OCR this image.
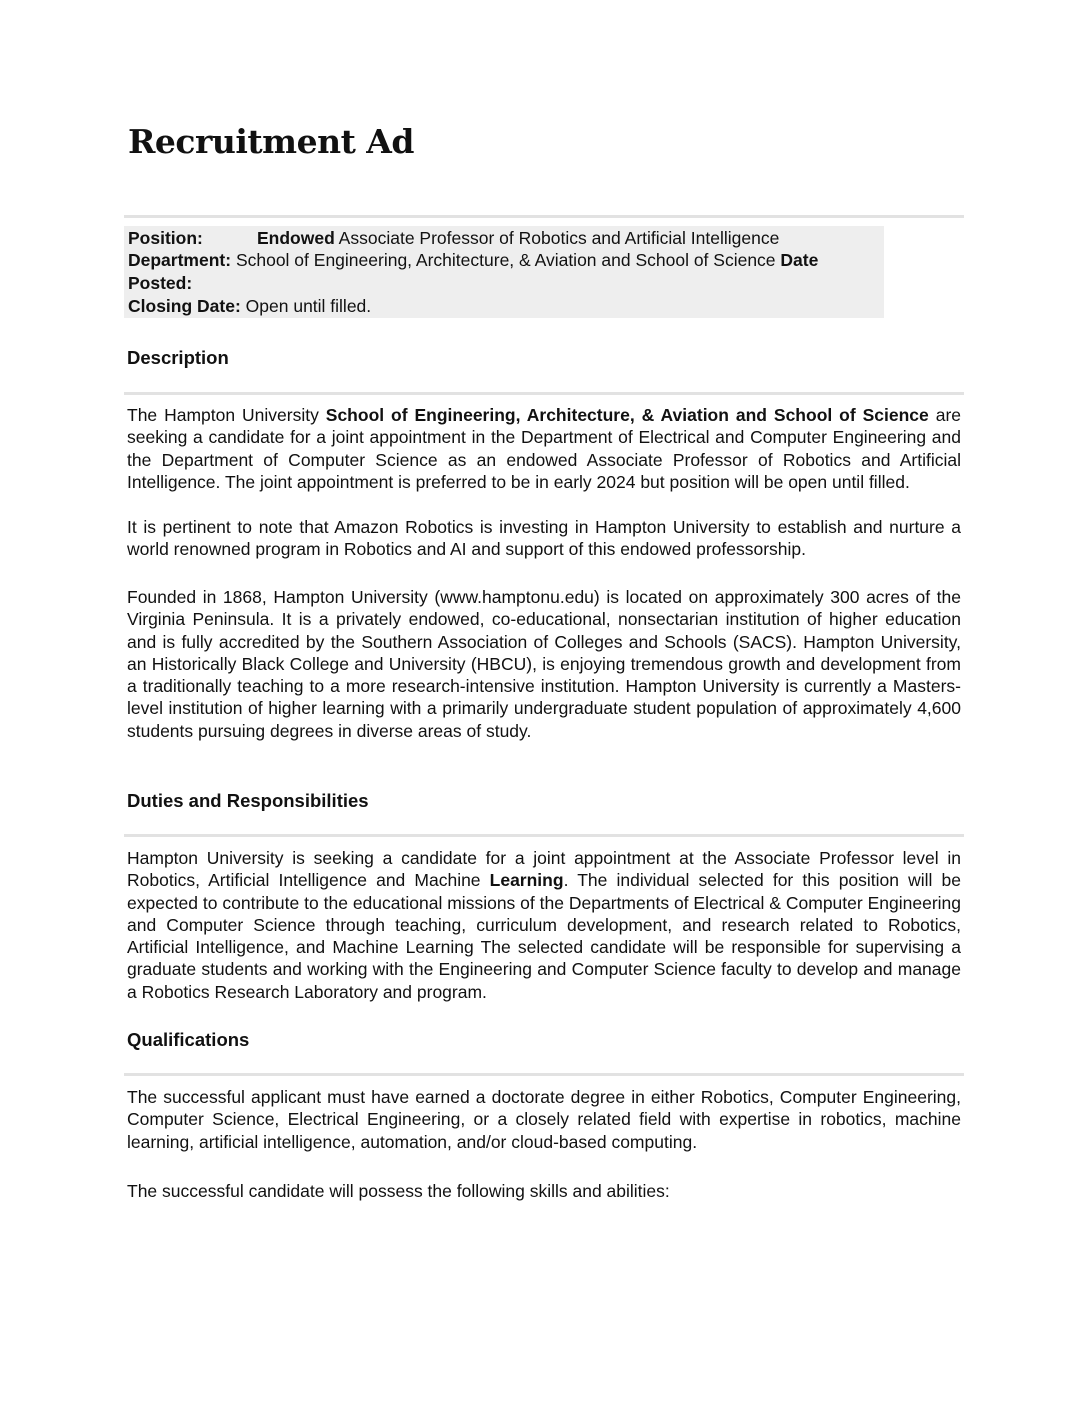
Recruitment Ad
Position:	Endowed Associate Professor of Robotics and Artificial Intelligence
Department: School of Engineering, Architecture, & Aviation and School of Science Date
Posted:
Closing Date: Open until filled.
Description

The Hampton University School of Engineering, Architecture, & Aviation and School of Science are seeking a candidate for a joint appointment in the Department of Electrical and Computer Engineering and the Department of Computer Science as an endowed Associate Professor of Robotics and Artificial Intelligence. The joint appointment is preferred to be in early 2024 but position will be open until filled.

It is pertinent to note that Amazon Robotics is investing in Hampton University to establish and nurture a world renowned program in Robotics and AI and support of this endowed professorship.

Founded in 1868, Hampton University (www.hamptonu.edu) is located on approximately 300 acres of the Virginia Peninsula. It is a privately endowed, co-educational, nonsectarian institution of higher education and is fully accredited by the Southern Association of Colleges and Schools (SACS). Hampton University, an Historically Black College and University (HBCU), is enjoying tremendous growth and development from a traditionally teaching to a more research-intensive institution. Hampton University is currently a Masters-level institution of higher learning with a primarily undergraduate student population of approximately 4,600 students pursuing degrees in diverse areas of study.

Duties and Responsibilities

Hampton University is seeking a candidate for a joint appointment at the Associate Professor level in Robotics, Artificial Intelligence and Machine Learning. The individual selected for this position will be expected to contribute to the educational missions of the Departments of Electrical & Computer Engineering and Computer Science through teaching, curriculum development, and research related to Robotics, Artificial Intelligence, and Machine Learning The selected candidate will be responsible for supervising a graduate students and working with the Engineering and Computer Science faculty to develop and manage a Robotics Research Laboratory and program.

Qualifications

The successful applicant must have earned a doctorate degree in either Robotics, Computer Engineering, Computer Science, Electrical Engineering, or a closely related field with expertise in robotics, machine learning, artificial intelligence, automation, and/or cloud-based computing.

The successful candidate will possess the following skills and abilities:
